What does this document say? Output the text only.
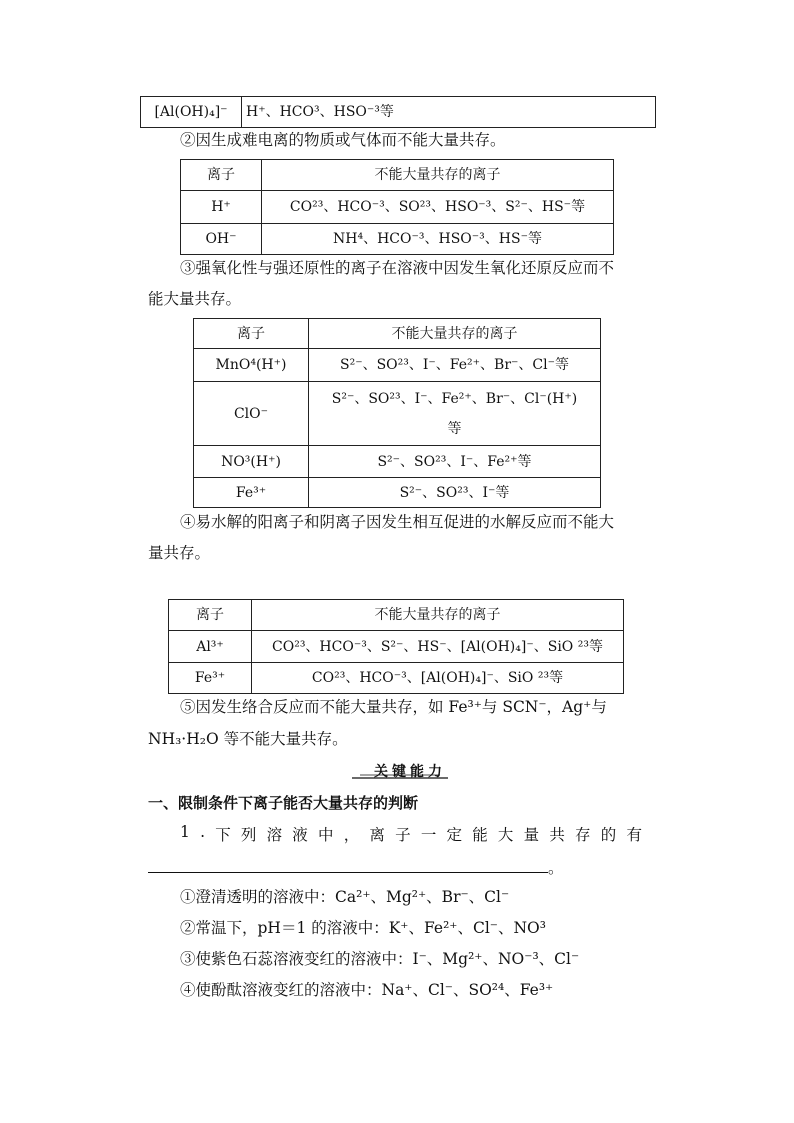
[Al(OH)₄]⁻	H⁺、HCO³、HSO⁻³等
②因生成难电离的物质或气体而不能大量共存。
离子	不能大量共存的离子
H⁺	CO²³、HCO⁻³、SO²³、HSO⁻³、S²⁻、HS⁻等
OH⁻	NH⁴、HCO⁻³、HSO⁻³、HS⁻等
③强氧化性与强还原性的离子在溶液中因发生氧化还原反应而不
能大量共存。
离子	不能大量共存的离子
MnO⁴(H⁺)	S²⁻、SO²³、I⁻、Fe²⁺、Br⁻、Cl⁻等
ClO⁻	S²⁻、SO²³、I⁻、Fe²⁺、Br⁻、Cl⁻(H⁺)
等

NO³(H⁺)	S²⁻、SO²³、I⁻、Fe²⁺等
Fe³⁺	S²⁻、SO²³、I⁻等
④易水解的阳离子和阴离子因发生相互促进的水解反应而不能大
量共存。
离子	不能大量共存的离子
Al³⁺	CO²³、HCO⁻³、S²⁻、HS⁻、[Al(OH)₄]⁻、SiO ²³等
Fe³⁺	CO²³、HCO⁻³、[Al(OH)₄]⁻、SiO ²³等
⑤因发生络合反应而不能大量共存，如 Fe³⁺与 SCN⁻，Ag⁺与
NH₃·H₂O 等不能大量共存。
关键能力
一、限制条件下离子能否大量共存的判断
1 . 下 列 溶 液 中 ， 离 子 一 定 能 大 量 共 存 的 有
。
①澄清透明的溶液中：Ca²⁺、Mg²⁺、Br⁻、Cl⁻
②常温下，pH＝1 的溶液中：K⁺、Fe²⁺、Cl⁻、NO³
③使紫色石蕊溶液变红的溶液中：I⁻、Mg²⁺、NO⁻³、Cl⁻
④使酚酞溶液变红的溶液中：Na⁺、Cl⁻、SO²⁴、Fe³⁺
